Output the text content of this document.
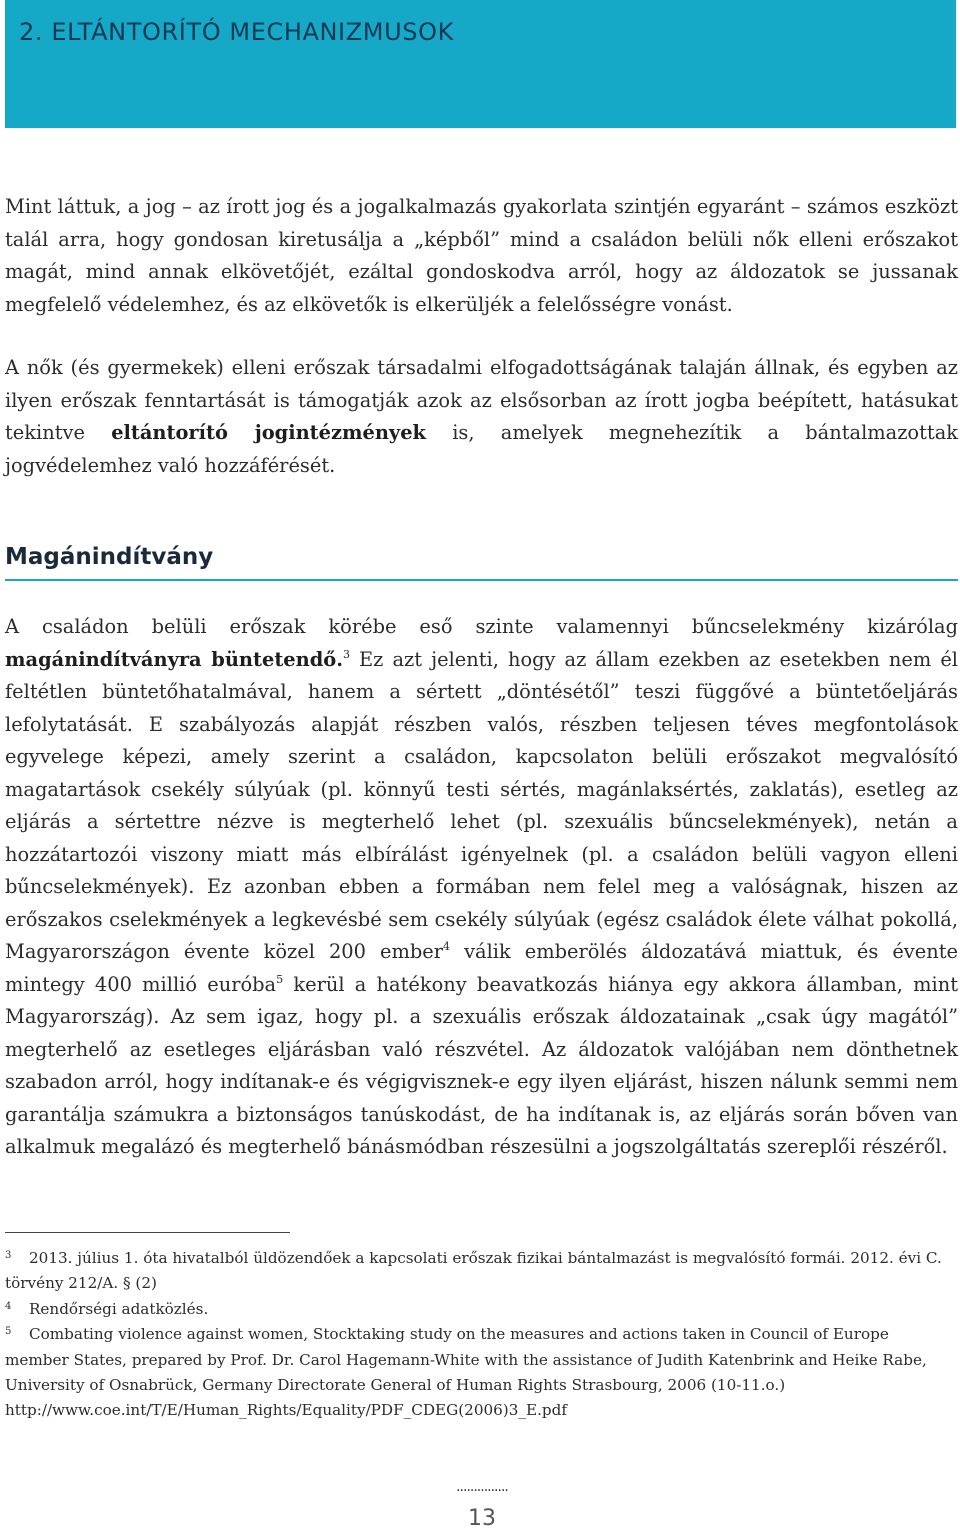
2. ELTÁNTORÍTÓ MECHANIZMUSOK

Mint láttuk, a jog – az írott jog és a jogalkalmazás gyakorlata szintjén egyaránt – számos eszközt talál arra, hogy gondosan kiretusálja a „képből” mind a családon belüli nők elleni erőszakot magát, mind annak elkövetőjét, ezáltal gondoskodva arról, hogy az áldozatok se jussanak megfelelő védelemhez, és az elkövetők is elkerüljék a felelősségre vonást.

A nők (és gyermekek) elleni erőszak társadalmi elfogadottságának talaján állnak, és egyben az ilyen erőszak fenntartását is támogatják azok az elsősorban az írott jogba beépített, hatásukat tekintve eltántorító jogintézmények is, amelyek megnehezítik a bántalmazottak jogvédelemhez való hozzáférését.

Magánindítvány

A családon belüli erőszak körébe eső szinte valamennyi bűncselekmény kizárólag magánindítványra büntetendő.$^3$ Ez azt jelenti, hogy az állam ezekben az esetekben nem él feltétlen büntetőhatalmával, hanem a sértett „döntésétől” teszi függővé a büntetőeljárás lefolytatását. E szabályozás alapját részben valós, részben teljesen téves megfontolások egyvelege képezi, amely szerint a családon, kapcsolaton belüli erőszakot megvalósító magatartások csekély súlyúak (pl. könnyű testi sértés, magánlaksértés, zaklatás), esetleg az eljárás a sértettre nézve is megterhelő lehet (pl. szexuális bűncselekmények), netán a hozzátartozói viszony miatt más elbírálást igényelnek (pl. a családon belüli vagyon elleni bűncselekmények). Ez azonban ebben a formában nem felel meg a valóságnak, hiszen az erőszakos cselekmények a legkevésbé sem csekély súlyúak (egész családok élete válhat pokollá, Magyarországon évente közel 200 ember$^4$ válik emberölés áldozatává miattuk, és évente mintegy 400 millió euróba$^5$ kerül a hatékony beavatkozás hiánya egy akkora államban, mint Magyarország). Az sem igaz, hogy pl. a szexuális erőszak áldozatainak „csak úgy magától” megterhelő az esetleges eljárásban való részvétel. Az áldozatok valójában nem dönthetnek szabadon arról, hogy indítanak-e és végigvisznek-e egy ilyen eljárást, hiszen nálunk semmi nem garantálja számukra a biztonságos tanúskodást, de ha indítanak is, az eljárás során bőven van alkalmuk megalázó és megterhelő bánásmódban részesülni a jogszolgáltatás szereplői részéről.

3 2013. július 1. óta hivatalból üldözendőek a kapcsolati erőszak fizikai bántalmazást is megvalósító formái. 2012. évi C. törvény 212/A. § (2)

4 Rendőrségi adatközlés.

5 Combating violence against women, Stocktaking study on the measures and actions taken in Council of Europe member States, prepared by Prof. Dr. Carol Hagemann-White with the assistance of Judith Katenbrink and Heike Rabe, University of Osnabrück, Germany Directorate General of Human Rights Strasbourg, 2006 (10-11.o.) http://www.coe.int/T/E/Human_Rights/Equality/PDF_CDEG(2006)3_E.pdf

...............
13
